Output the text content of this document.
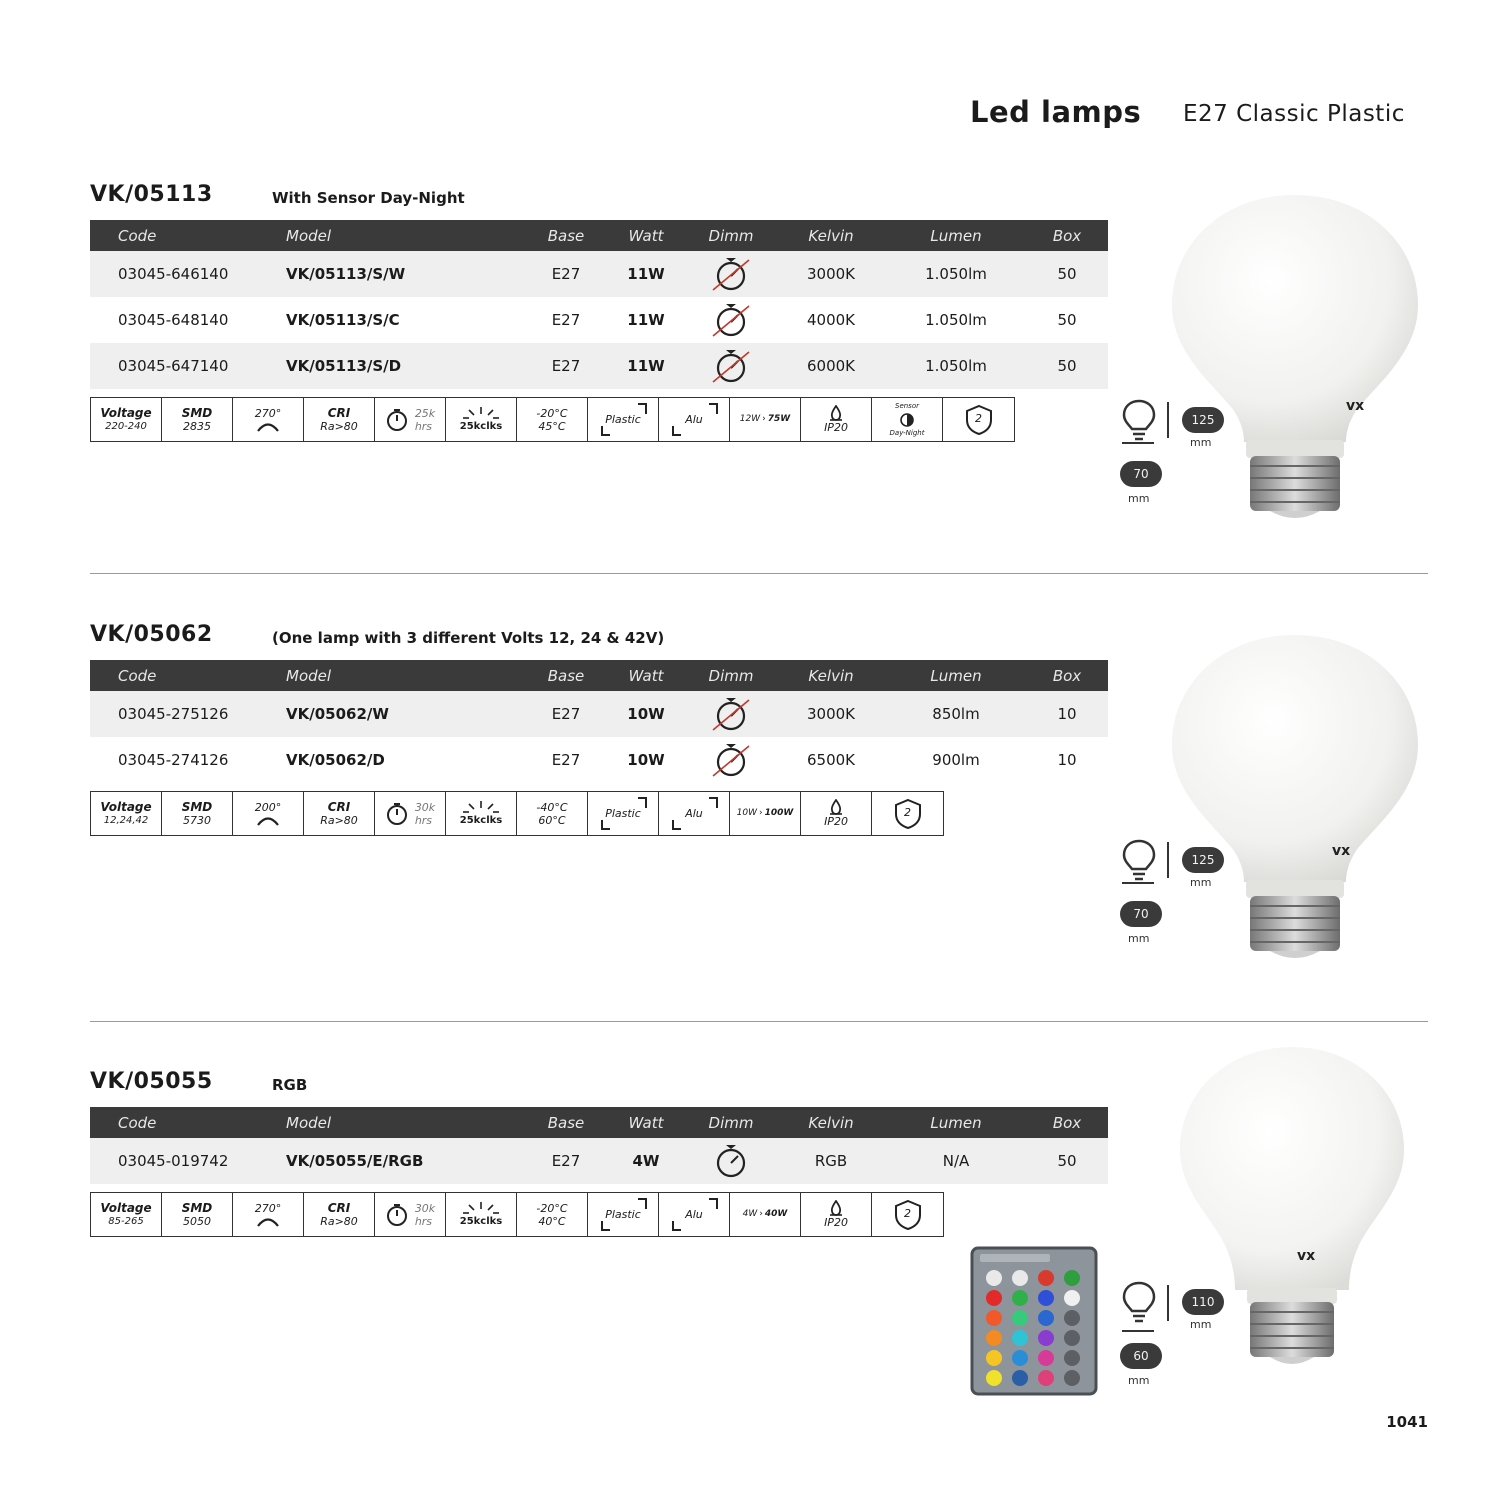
Led lamps E27 Classic Plastic
VK/05113	With Sensor Day-Night
Code	Model	Base	Watt	Dimm	Kelvin	Lumen	Box
03045-646140	VK/05113/S/W	E27	11W		3000K	1.050lm	50
03045-648140	VK/05113/S/C	E27	11W		4000K	1.050lm	50
03045-647140	VK/05113/S/D	E27	11W		6000K	1.050lm	50
Voltage
220-240
SMD
2835
270°	CRI
Ra>80
25k
hrs	25kclks
-20°C
45°C	Plastic	Alu	12W › 75W
IP20
Sensor
Day-Night
2
vx
125
mm
70
mm
VK/05062	(One lamp with 3 different Volts 12, 24 & 42V)
Code	Model	Base	Watt	Dimm	Kelvin	Lumen	Box
03045-275126	VK/05062/W	E27	10W		3000K	850lm	10
03045-274126	VK/05062/D	E27	10W		6500K	900lm	10
Voltage
12,24,42
SMD
5730
200°	CRI
Ra>80
30k
hrs	25kclks
-40°C
60°C	Plastic	Alu	10W › 100W
IP20
2
vx
125
mm
70
mm
VK/05055	RGB
Code	Model	Base	Watt	Dimm	Kelvin	Lumen	Box
03045-019742	VK/05055/E/RGB	E27	4W		RGB	N/A	50
Voltage
85-265
SMD
5050
270°	CRI
Ra>80
30k
hrs	25kclks
-20°C
40°C	Plastic	Alu	4W › 40W
IP20
2
vx
110
mm
60
mm
1041
